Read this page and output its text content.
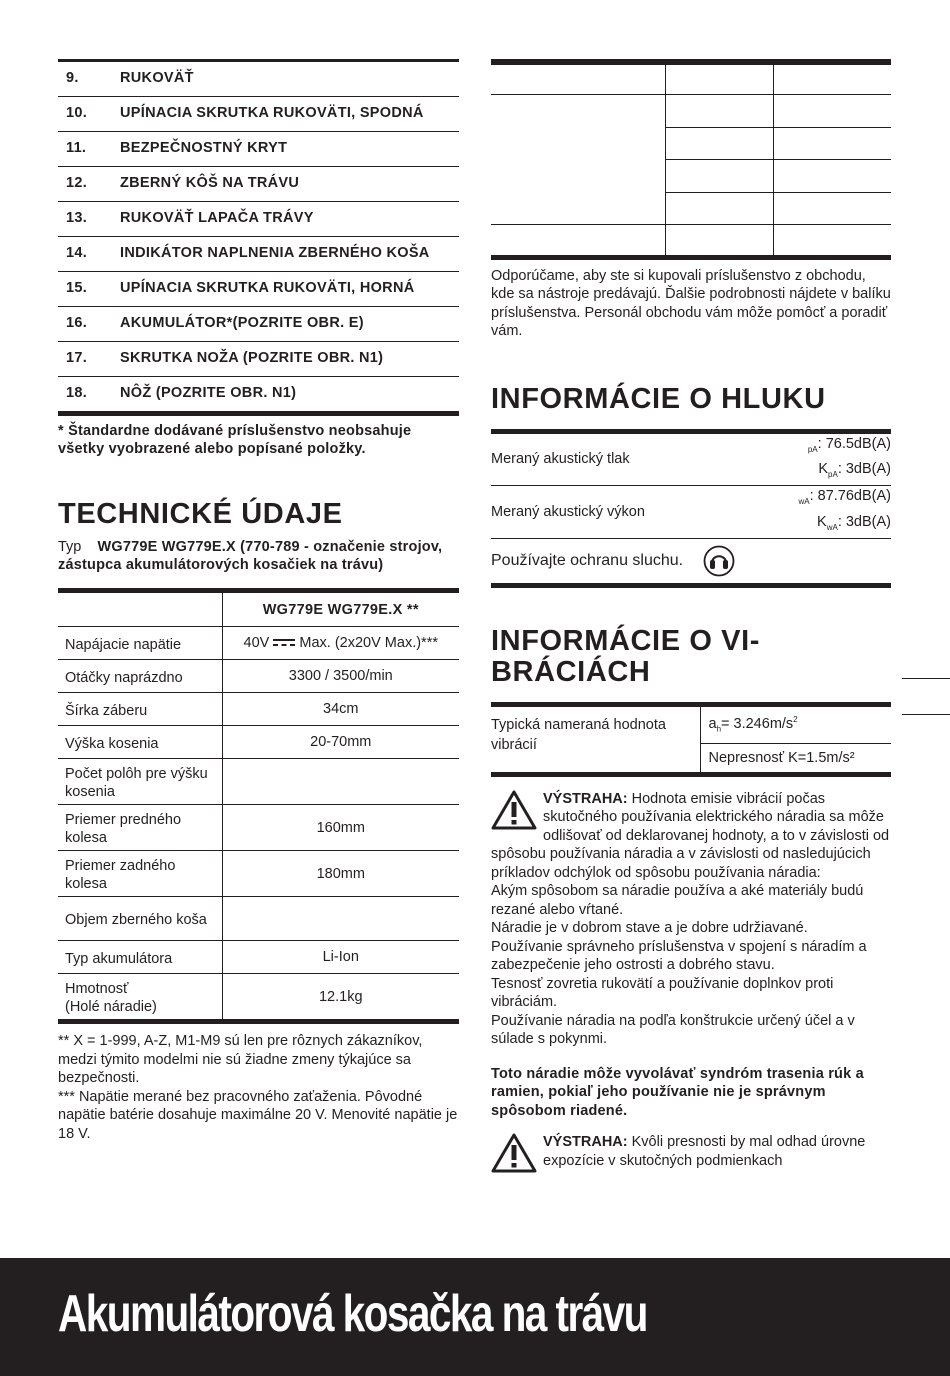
9.	RUKOVÄŤ
10.	UPÍNACIA SKRUTKA RUKOVÄTI, SPODNÁ
11.	BEZPEČNOSTNÝ KRYT
12.	ZBERNÝ KÔŠ NA TRÁVU
13.	RUKOVÄŤ LAPAČA TRÁVY
14.	INDIKÁTOR NAPLNENIA ZBERNÉHO KOŠA
15.	UPÍNACIA SKRUTKA RUKOVÄTI, HORNÁ
16.	AKUMULÁTOR*(POZRITE OBR. E)
17.	SKRUTKA NOŽA (POZRITE OBR. N1)
18.	NÔŽ (POZRITE OBR. N1)
* Štandardne dodávané príslušenstvo neobsahuje všetky vyobrazené alebo popísané položky.
TECHNICKÉ ÚDAJE
Typ WG779E WG779E.X (770-789 - označenie strojov, zástupca akumulátorových kosačiek na trávu)
	WG779E WG779E.X **
Napájacie napätie	40V Max. (2x20V Max.)***
Otáčky naprázdno	3300 / 3500/min
Šírka záberu	34cm
Výška kosenia	20-70mm
Počet polôh pre výšku kosenia	
Priemer predného kolesa	160mm
Priemer zadného kolesa	180mm
Objem zberného koša	
Typ akumulátora	Li-Ion
Hmotnosť
(Holé náradie)	12.1kg
** X = 1-999, A-Z, M1-M9 sú len pre rôznych zákazníkov, medzi týmito modelmi nie sú žiadne zmeny týkajúce sa bezpečnosti.
*** Napätie merané bez pracovného zaťaženia. Pôvodné napätie batérie dosahuje maximálne 20 V. Menovité napätie je 18 V.

Odporúčame, aby ste si kupovali príslušenstvo z obchodu, kde sa nástroje predávajú. Ďalšie podrobnosti nájdete v balíku príslušenstva. Personál obchodu vám môže pomôcť a poradiť vám.
INFORMÁCIE O HLUKU
Meraný akustický tlak	$_{pA}$: 76.5dB(A)
$K_{pA}$: 3dB(A)

Meraný akustický výkon	$_{wA}$: 87.76dB(A)
$K_{wA}$: 3dB(A)
Používajte ochranu sluchu.
INFORMÁCIE O VI-
BRÁCIÁCH
Typická nameraná hodnota vibrácií	$a_h= 3.246m/s^2$
Nepresnosť K=1.5m/s²
VÝSTRAHA: Hodnota emisie vibrácií počas skutočného používania elektrického náradia sa môže odlišovať od deklarovanej hodnoty, a to v závislosti od spôsobu používania náradia a v závislosti od nasledujúcich príkladov odchýlok od spôsobu používania náradia:
Akým spôsobom sa náradie používa a aké materiály budú rezané alebo vŕtané.
Náradie je v dobrom stave a je dobre udržiavané.
Používanie správneho príslušenstva v spojení s náradím a zabezpečenie jeho ostrosti a dobrého stavu.
Tesnosť zovretia rukovätí a používanie doplnkov proti vibráciám.
Používanie náradia na podľa konštrukcie určený účel a v súlade s pokynmi.
Toto náradie môže vyvolávať syndróm trasenia rúk a ramien, pokiaľ jeho používanie nie je správnym spôsobom riadené.
VÝSTRAHA: Kvôli presnosti by mal odhad úrovne expozície v skutočných podmienkach
Akumulátorová kosačka na trávu
